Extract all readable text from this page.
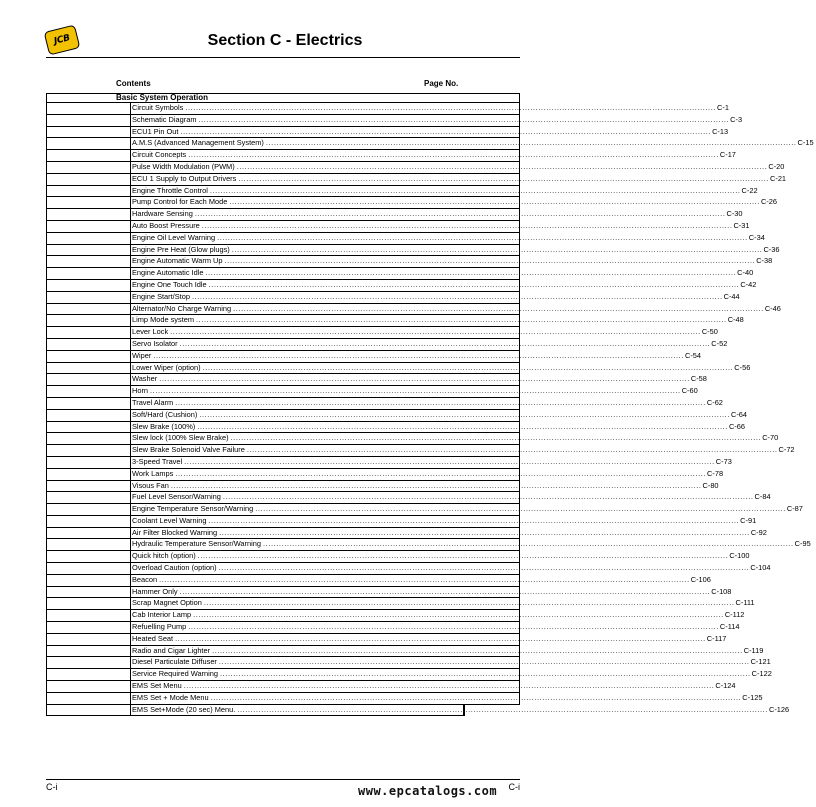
JCB	Section C - Electrics
Contents	Page No.
Basic System Operation
Circuit Symbols ........................................................................................................................................................................................................ C-1
Schematic Diagram ........................................................................................................................................................................................................ C-3
ECU1 Pin Out ........................................................................................................................................................................................................ C-13
A.M.S (Advanced Management System) ........................................................................................................................................................................................................ C-15
Circuit Concepts ........................................................................................................................................................................................................ C-17
Pulse Width Modulation (PWM) ........................................................................................................................................................................................................ C-20
ECU 1 Supply to Output Drivers ........................................................................................................................................................................................................ C-21
Engine Throttle Control ........................................................................................................................................................................................................ C-22
Pump Control for Each Mode ........................................................................................................................................................................................................ C-26
Hardware Sensing ........................................................................................................................................................................................................ C-30
Auto Boost Pressure ........................................................................................................................................................................................................ C-31
Engine Oil Level Warning ........................................................................................................................................................................................................ C-34
Engine Pre Heat (Glow plugs) ........................................................................................................................................................................................................ C-36
Engine Automatic Warm Up ........................................................................................................................................................................................................ C-38
Engine Automatic Idle ........................................................................................................................................................................................................ C-40
Engine One Touch Idle ........................................................................................................................................................................................................ C-42
Engine Start/Stop ........................................................................................................................................................................................................ C-44
Alternator/No Charge Warning ........................................................................................................................................................................................................ C-46
Limp Mode system ........................................................................................................................................................................................................ C-48
Lever Lock ........................................................................................................................................................................................................ C-50
Servo Isolator ........................................................................................................................................................................................................ C-52
Wiper ........................................................................................................................................................................................................ C-54
Lower Wiper (option) ........................................................................................................................................................................................................ C-56
Washer ........................................................................................................................................................................................................ C-58
Horn ........................................................................................................................................................................................................ C-60
Travel Alarm ........................................................................................................................................................................................................ C-62
Soft/Hard (Cushion) ........................................................................................................................................................................................................ C-64
Slew Brake (100%) ........................................................................................................................................................................................................ C-66
Slew lock (100% Slew Brake) ........................................................................................................................................................................................................ C-70
Slew Brake Solenoid Valve Failure ........................................................................................................................................................................................................ C-72
3-Speed Travel ........................................................................................................................................................................................................ C-73
Work Lamps ........................................................................................................................................................................................................ C-78
Visous Fan ........................................................................................................................................................................................................ C-80
Fuel Level Sensor/Warning ........................................................................................................................................................................................................ C-84
Engine Temperature Sensor/Warning ........................................................................................................................................................................................................ C-87
Coolant Level Warning ........................................................................................................................................................................................................ C-91
Air Filter Blocked Warning ........................................................................................................................................................................................................ C-92
Hydraulic Temperature Sensor/Warning ........................................................................................................................................................................................................ C-95
Quick hitch (option) ........................................................................................................................................................................................................ C-100
Overload Caution (option) ........................................................................................................................................................................................................ C-104
Beacon ........................................................................................................................................................................................................ C-106
Hammer Only ........................................................................................................................................................................................................ C-108
Scrap Magnet Option ........................................................................................................................................................................................................ C-111
Cab Interior Lamp ........................................................................................................................................................................................................ C-112
Refuelling Pump ........................................................................................................................................................................................................ C-114
Heated Seat ........................................................................................................................................................................................................ C-117
Radio and Cigar Lighter ........................................................................................................................................................................................................ C-119
Diesel Particulate Diffuser ........................................................................................................................................................................................................ C-121
Service Required Warning ........................................................................................................................................................................................................ C-122
EMS Set Menu ........................................................................................................................................................................................................ C-124
EMS Set + Mode Menu ........................................................................................................................................................................................................ C-125
EMS Set+Mode (20 sec) Menu. ........................................................................................................................................................................................................ C-126
C-i	C-i
www.epcatalogs.com
